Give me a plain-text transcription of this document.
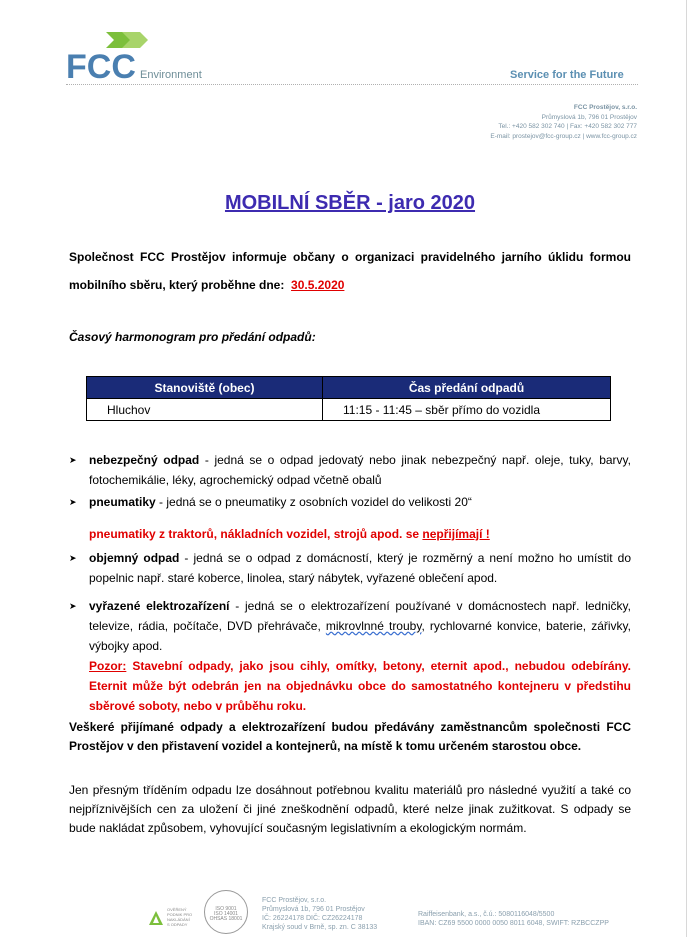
FCC Environment	Service for the Future
FCC Prostějov, s.r.o.
Průmyslová 1b, 796 01 Prostějov
Tel.: +420 582 302 740 | Fax: +420 582 302 777
E-mail: prostejov@fcc-group.cz | www.fcc-group.cz
MOBILNÍ SBĚR - jaro 2020
Společnost FCC Prostějov informuje občany o organizaci pravidelného jarního úklidu formou mobilního sběru, který proběhne dne: 30.5.2020
Časový harmonogram pro předání odpadů:
Stanoviště (obec)	Čas předání odpadů
Hluchov	11:15 - 11:45 – sběr přímo do vozidla
➤ nebezpečný odpad - jedná se o odpad jedovatý nebo jinak nebezpečný např. oleje, tuky, barvy, fotochemikálie, léky, agrochemický odpad včetně obalů
➤ pneumatiky - jedná se o pneumatiky z osobních vozidel do velikosti 20“
pneumatiky z traktorů, nákladních vozidel, strojů apod. se nepřijímají !
➤ objemný odpad - jedná se o odpad z domácností, který je rozměrný a není možno ho umístit do popelnic např. staré koberce, linolea, starý nábytek, vyřazené oblečení apod.
➤ vyřazené elektrozařízení - jedná se o elektrozařízení používané v domácnostech např. ledničky, televize, rádia, počítače, DVD přehrávače, mikrovlnné trouby, rychlovarné konvice, baterie, zářivky, výbojky apod.
Pozor: Stavební odpady, jako jsou cihly, omítky, betony, eternit apod., nebudou odebírány. Eternit může být odebrán jen na objednávku obce do samostatného kontejneru v předstihu sběrové soboty, nebo v průběhu roku.
Veškeré přijímané odpady a elektrozařízení budou předávány zaměstnancům společnosti FCC Prostějov v den přistavení vozidel a kontejnerů, na místě k tomu určeném starostou obce.
Jen přesným tříděním odpadu lze dosáhnout potřebnou kvalitu materiálů pro následné využití a také co nejpříznivějších cen za uložení či jiné zneškodnění odpadů, které nelze jinak zužitkovat. S odpady se bude nakládat způsobem, vyhovující současným legislativním a ekologickým normám.
OVĚŘENÝ
PODNIK PRO
NAKLÁDÁNÍ
S ODPADY
ISO 9001
ISO 14001
OHSAS 18001
FCC Prostějov, s.r.o.
Průmyslová 1b, 796 01 Prostějov
IČ: 26224178 DIČ: CZ26224178
Krajský soud v Brně, sp. zn. C 38133
Raiffeisenbank, a.s., č.ú.: 5080116048/5500
IBAN: CZ69 5500 0000 0050 8011 6048, SWIFT: RZBCCZPP
